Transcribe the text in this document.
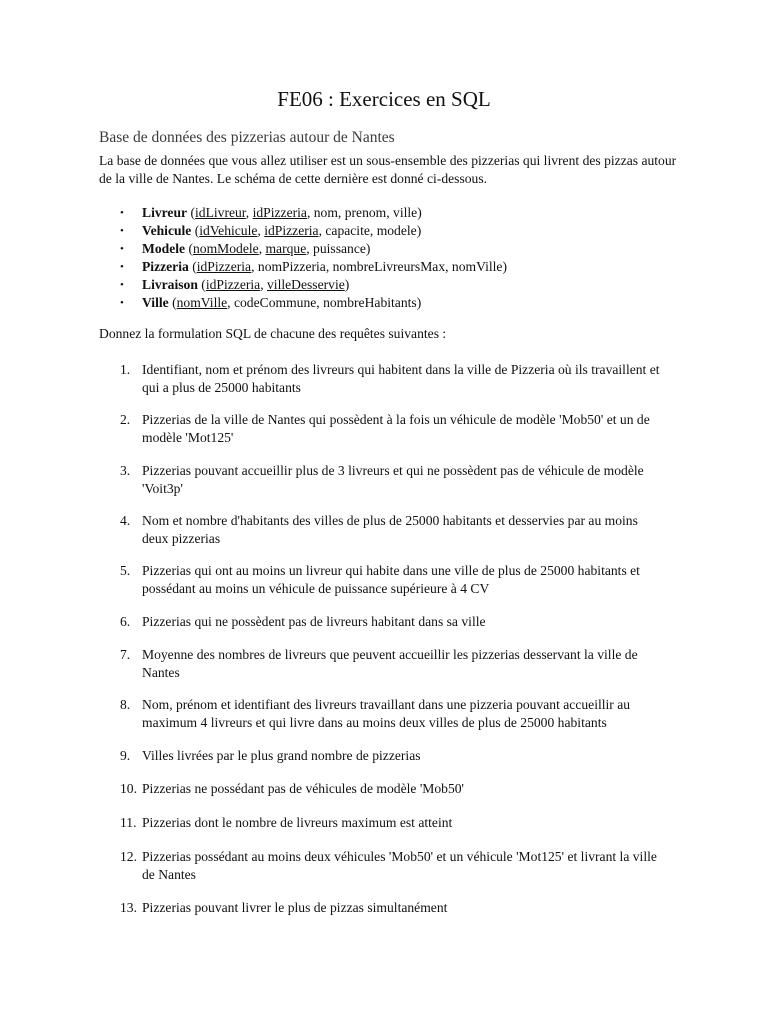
FE06 : Exercices en SQL
Base de données des pizzerias autour de Nantes
La base de données que vous allez utiliser est un sous-ensemble des pizzerias qui livrent des pizzas autour de la ville de Nantes. Le schéma de cette dernière est donné ci-dessous.
• Livreur (idLivreur, idPizzeria, nom, prenom, ville)
• Vehicule (idVehicule, idPizzeria, capacite, modele)
• Modele (nomModele, marque, puissance)
• Pizzeria (idPizzeria, nomPizzeria, nombreLivreursMax, nomVille)
• Livraison (idPizzeria, villeDesservie)
• Ville (nomVille, codeCommune, nombreHabitants)
Donnez la formulation SQL de chacune des requêtes suivantes :
1. Identifiant, nom et prénom des livreurs qui habitent dans la ville de Pizzeria où ils travaillent et qui a plus de 25000 habitants
2. Pizzerias de la ville de Nantes qui possèdent à la fois un véhicule de modèle 'Mob50' et un de modèle 'Mot125'
3. Pizzerias pouvant accueillir plus de 3 livreurs et qui ne possèdent pas de véhicule de modèle 'Voit3p'
4. Nom et nombre d'habitants des villes de plus de 25000 habitants et desservies par au moins deux pizzerias
5. Pizzerias qui ont au moins un livreur qui habite dans une ville de plus de 25000 habitants et possédant au moins un véhicule de puissance supérieure à 4 CV
6. Pizzerias qui ne possèdent pas de livreurs habitant dans sa ville
7. Moyenne des nombres de livreurs que peuvent accueillir les pizzerias desservant la ville de Nantes
8. Nom, prénom et identifiant des livreurs travaillant dans une pizzeria pouvant accueillir au maximum 4 livreurs et qui livre dans au moins deux villes de plus de 25000 habitants
9. Villes livrées par le plus grand nombre de pizzerias
10. Pizzerias ne possédant pas de véhicules de modèle 'Mob50'
11. Pizzerias dont le nombre de livreurs maximum est atteint
12. Pizzerias possédant au moins deux véhicules 'Mob50' et un véhicule 'Mot125' et livrant la ville de Nantes
13. Pizzerias pouvant livrer le plus de pizzas simultanément
